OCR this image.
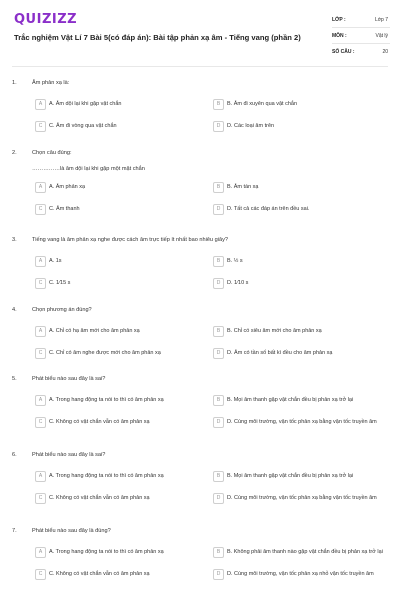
QUIZIZZ
Trắc nghiệm Vật Lí 7 Bài 5(có đáp án): Bài tập phản xạ âm - Tiếng vang (phần 2)
LỚP :	Lớp 7
MÔN :	Vật lý
SỐ CÂU :	20
1.	Âm phản xạ là:
A	A. Âm dội lại khi gặp vật chắn	B	B. Âm đi xuyên qua vật chắn
C	C. Âm đi vòng qua vật chắn	D	D. Các loại âm trên
2.	Chọn câu đúng:
……………là âm dội lại khi gặp một mặt chắn
A	A. Âm phản xạ	B	B. Âm tán xạ
C	C. Âm thanh	D	D. Tất cả các đáp án trên đều sai.
3.	Tiếng vang là âm phản xạ nghe được cách âm trực tiếp ít nhất bao nhiêu giây?
A	A. 1s	B	B. ½ s
C	C. 1⁄15 s	D	D. 1⁄10 s
4.	Chọn phương án đúng?
A	A. Chỉ có hạ âm mới cho âm phản xạ	B	B. Chỉ có siêu âm mới cho âm phản xạ
C	C. Chỉ có âm nghe được mới cho âm phản xạ	D	D. Âm có tần số bất kì đều cho âm phản xạ
5.	Phát biểu nào sau đây là sai?
A	A. Trong hang động ta nói to thì có âm phản xạ	B	B. Mọi âm thanh gặp vật chắn đều bị phản xạ trở lại
C	C. Không có vật chắn vẫn có âm phản xạ	D	D. Cùng môi trường, vận tốc phản xạ bằng vận tốc truyền âm
6.	Phát biểu nào sau đây là sai?
A	A. Trong hang động ta nói to thì có âm phản xạ	B	B. Mọi âm thanh gặp vật chắn đều bị phản xạ trở lại
C	C. Không có vật chắn vẫn có âm phản xạ	D	D. Cùng môi trường, vận tốc phản xạ bằng vận tốc truyền âm
7.	Phát biểu nào sau đây là đúng?
A	A. Trong hang động ta nói to thì có âm phản xạ	B	B. Không phải âm thanh nào gặp vật chắn đều bị phản xạ trở lại
C	C. Không có vật chắn vẫn có âm phản xạ	D	D. Cùng môi trường, vận tốc phản xạ nhỏ vận tốc truyền âm
